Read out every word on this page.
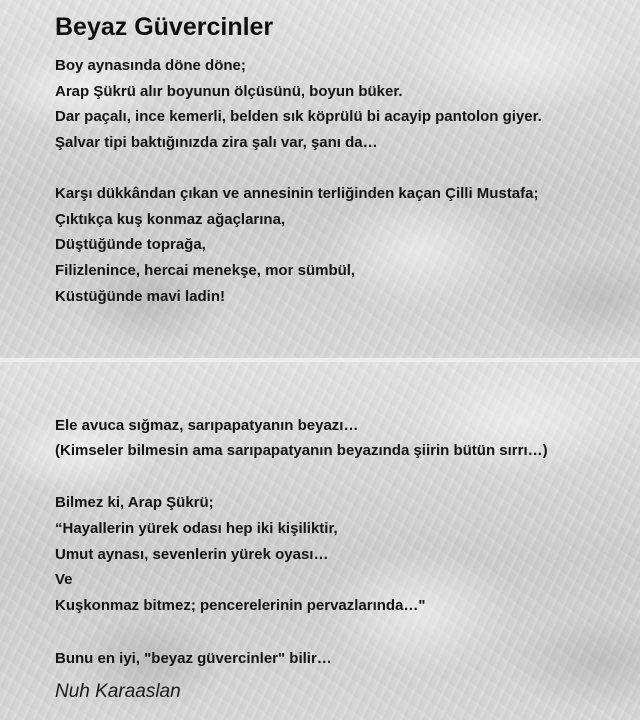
Beyaz Güvercinler
Boy aynasında döne döne;
Arap Şükrü alır boyunun ölçüsünü, boyun büker.
Dar paçalı, ince kemerli, belden sık köprülü bi acayip pantolon giyer.
Şalvar tipi baktığınızda zira şalı var, şanı da…
Karşı dükkândan çıkan ve annesinin terliğinden kaçan Çilli Mustafa;
Çıktıkça kuş konmaz ağaçlarına,
Düştüğünde toprağa,
Filizlenince, hercai menekşe, mor sümbül,
Küstüğünde mavi ladin!
Ele avuca sığmaz, sarıpapatyanın beyazı…
(Kimseler bilmesin ama sarıpapatyanın beyazında şiirin bütün sırrı…)
Bilmez ki, Arap Şükrü;
“Hayallerin yürek odası hep iki kişiliktir,
Umut aynası, sevenlerin yürek oyası…
Ve
Kuşkonmaz bitmez; pencerelerinin pervazlarında…"
Bunu en iyi, "beyaz güvercinler" bilir…
Nuh Karaaslan
